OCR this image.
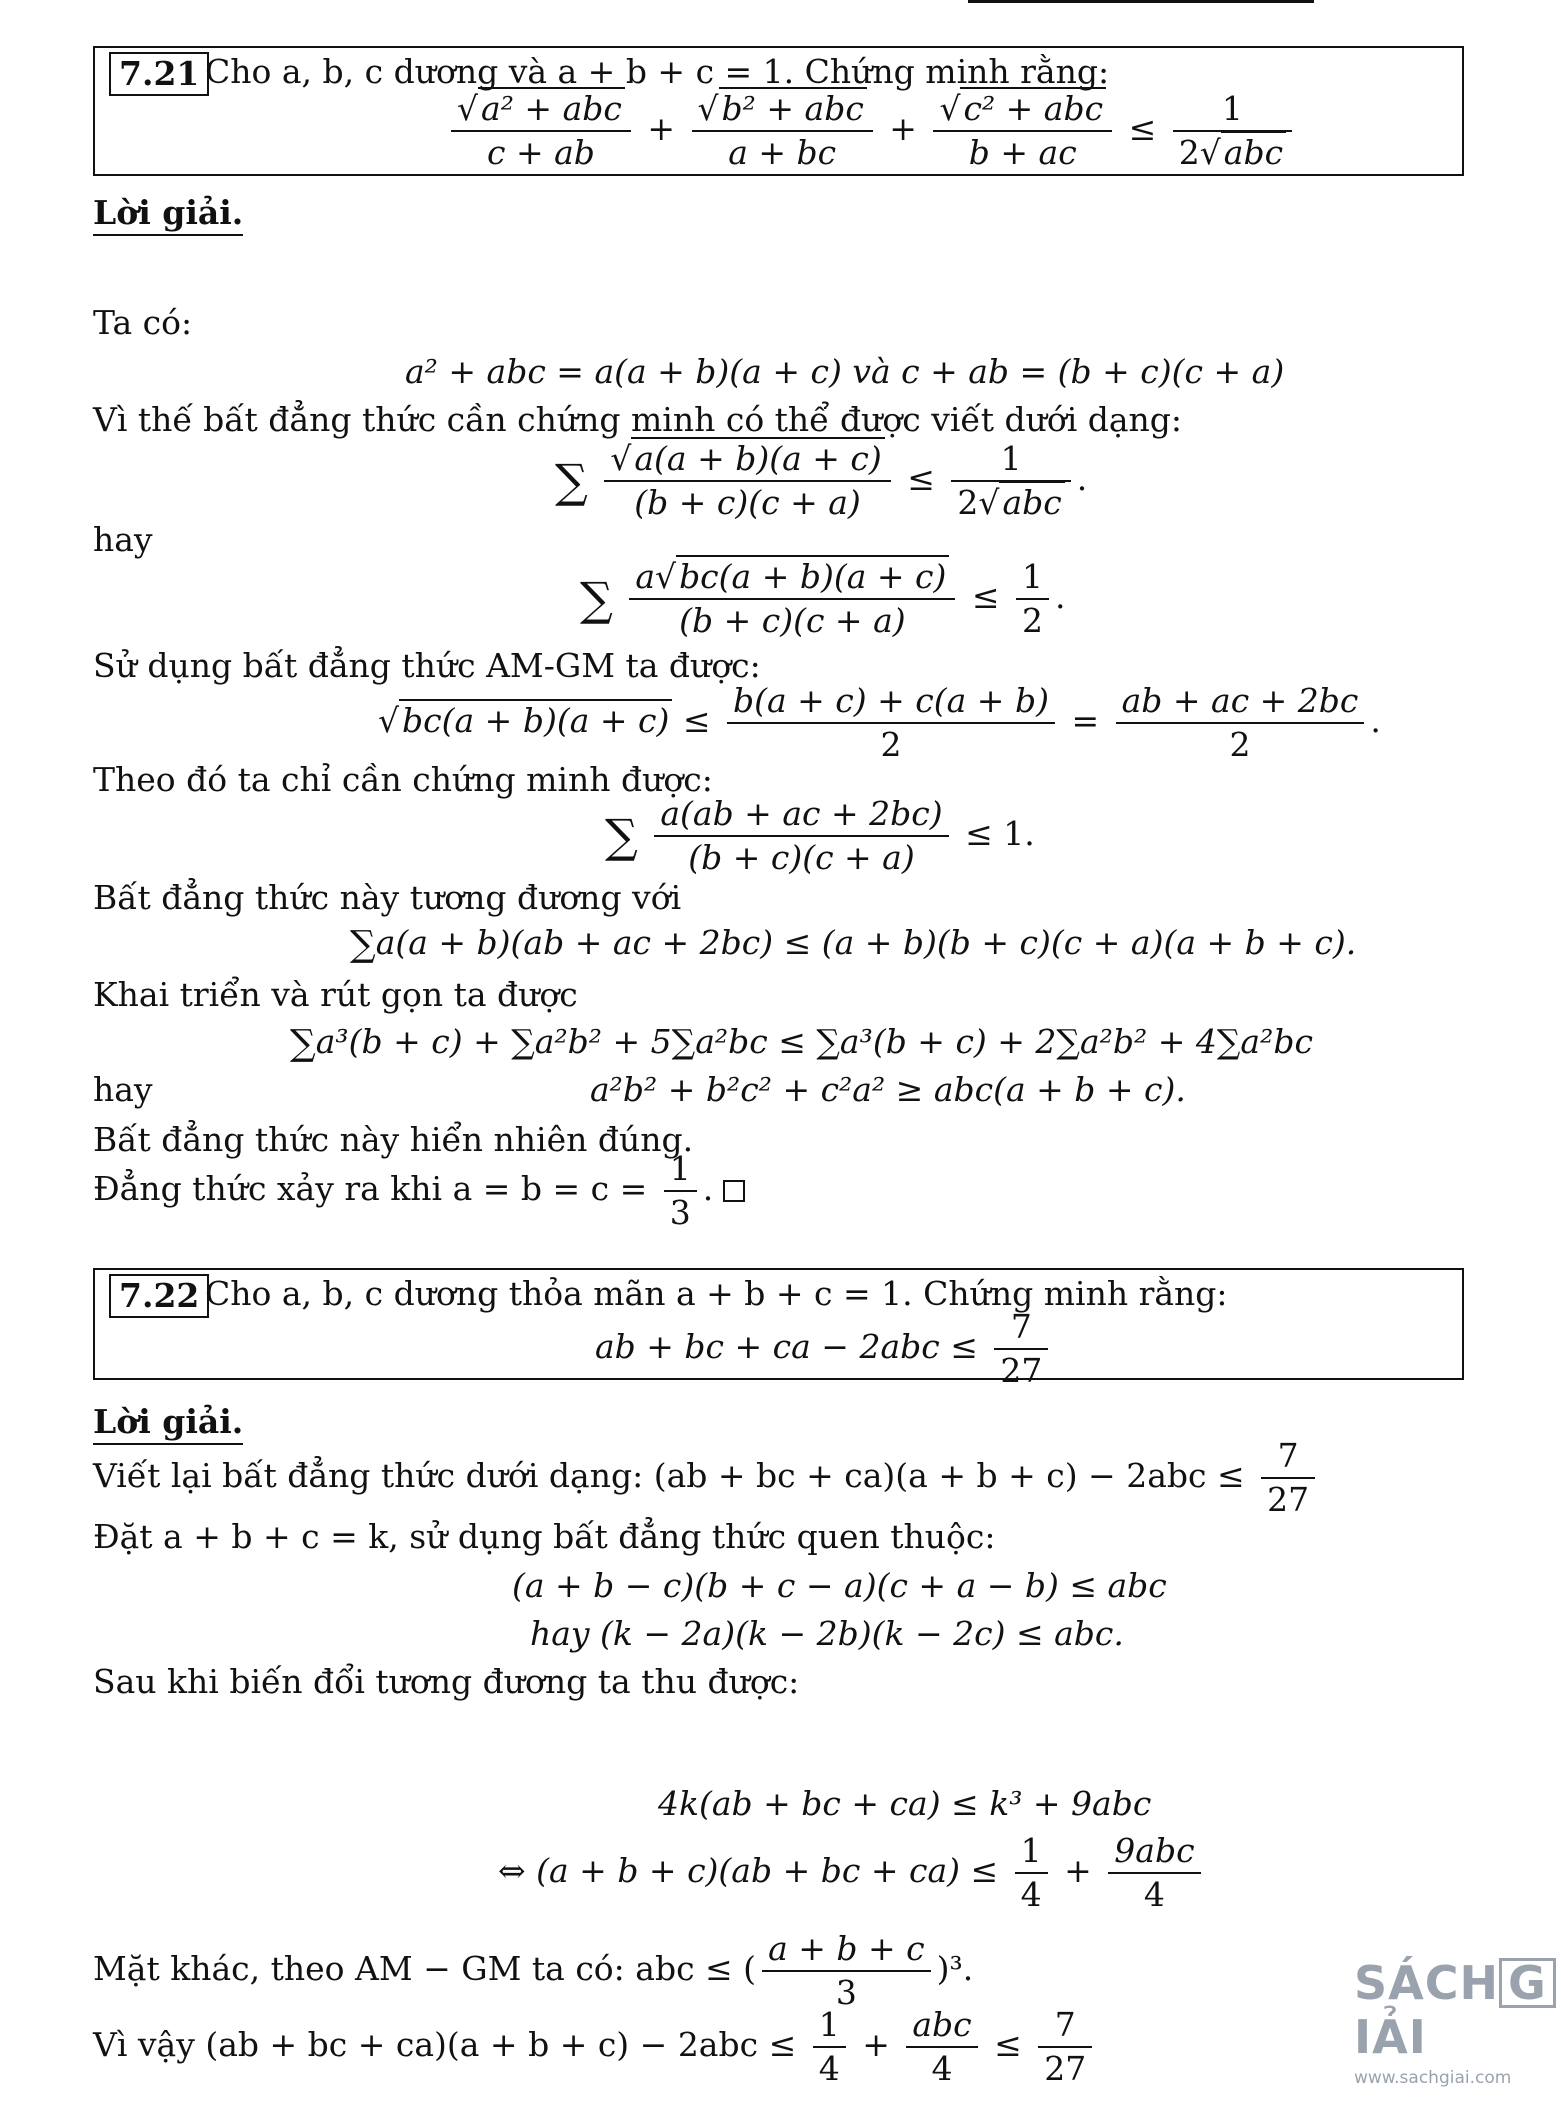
7.21 Cho a, b, c dương và a + b + c = 1. Chứng minh rằng:
$\frac{\text{√a² + abc}}{c + ab} + \frac{\text{√b² + abc}}{a + bc} + \frac{\text{√c² + abc}}{b + ac} \le \frac{1}{\text{2√abc}}$
Lời giải.
Ta có:
a² + abc = a(a + b)(a + c) và c + ab = (b + c)(c + a)
Vì thế bất đẳng thức cần chứng minh có thể được viết dưới dạng:
∑ $\frac{√a(a + b)(a + c)}{(b + c)(c + a)} \le \frac{1}{\text{2√abc}}$ .
hay
∑ $\frac{a√bc(a + b)(a + c)}{(b + c)(c + a)} \le \frac{1}{2}$ .
Sử dụng bất đẳng thức AM-GM ta được:
$√bc(a + b)(a + c) \le \frac{b(a + c) + c(a + b)}{2} = \frac{ab + ac + 2bc}{2}$ .
Theo đó ta chỉ cần chứng minh được:
∑ $\frac{a(ab + ac + 2bc)}{(b + c)(c + a)} \le 1$.
Bất đẳng thức này tương đương với
∑a(a + b)(ab + ac + 2bc) ≤ (a + b)(b + c)(c + a)(a + b + c).
Khai triển và rút gọn ta được
∑a³(b + c) + ∑a²b² + 5∑a²bc ≤ ∑a³(b + c) + 2∑a²b² + 4∑a²bc
hay	a²b² + b²c² + c²a² ≥ abc(a + b + c).
Bất đẳng thức này hiển nhiên đúng.
Đẳng thức xảy ra khi $a = b = c = \frac{1}{3}$ .
7.22 Cho a, b, c dương thỏa mãn a + b + c = 1. Chứng minh rằng:
ab + bc + ca − $2abc \le \frac{7}{27}$
Lời giải.
Viết lại bất đẳng thức dưới dạng: (ab + bc + $ca)(a + b + c) - 2abc \le \frac{7}{27}$
Đặt a + b + c = k, sử dụng bất đẳng thức quen thuộc:
(a + b − c)(b + c − a)(c + a − b) ≤ abc
hay (k − 2a)(k − 2b)(k − 2c) ≤ abc.
Sau khi biến đổi tương đương ta thu được:
4k(ab + bc + ca) ≤ k³ + 9abc
⇔ (a + b + c)(ab + bc + $ca) \le \frac{1}{4} + \frac{\text{9abc}}{4}$
Mặt khác, theo AM − GM ta có: abc ≤ ( $\frac{a + b + c}{3} )^3$.
Vì vậy (ab + bc + $ca)(a + b + c) - 2abc \le \frac{1}{4} + \frac{\text{abc}}{4} \le \frac{7}{27}$
SÁCH GIẢI
www.sachgiai.com
